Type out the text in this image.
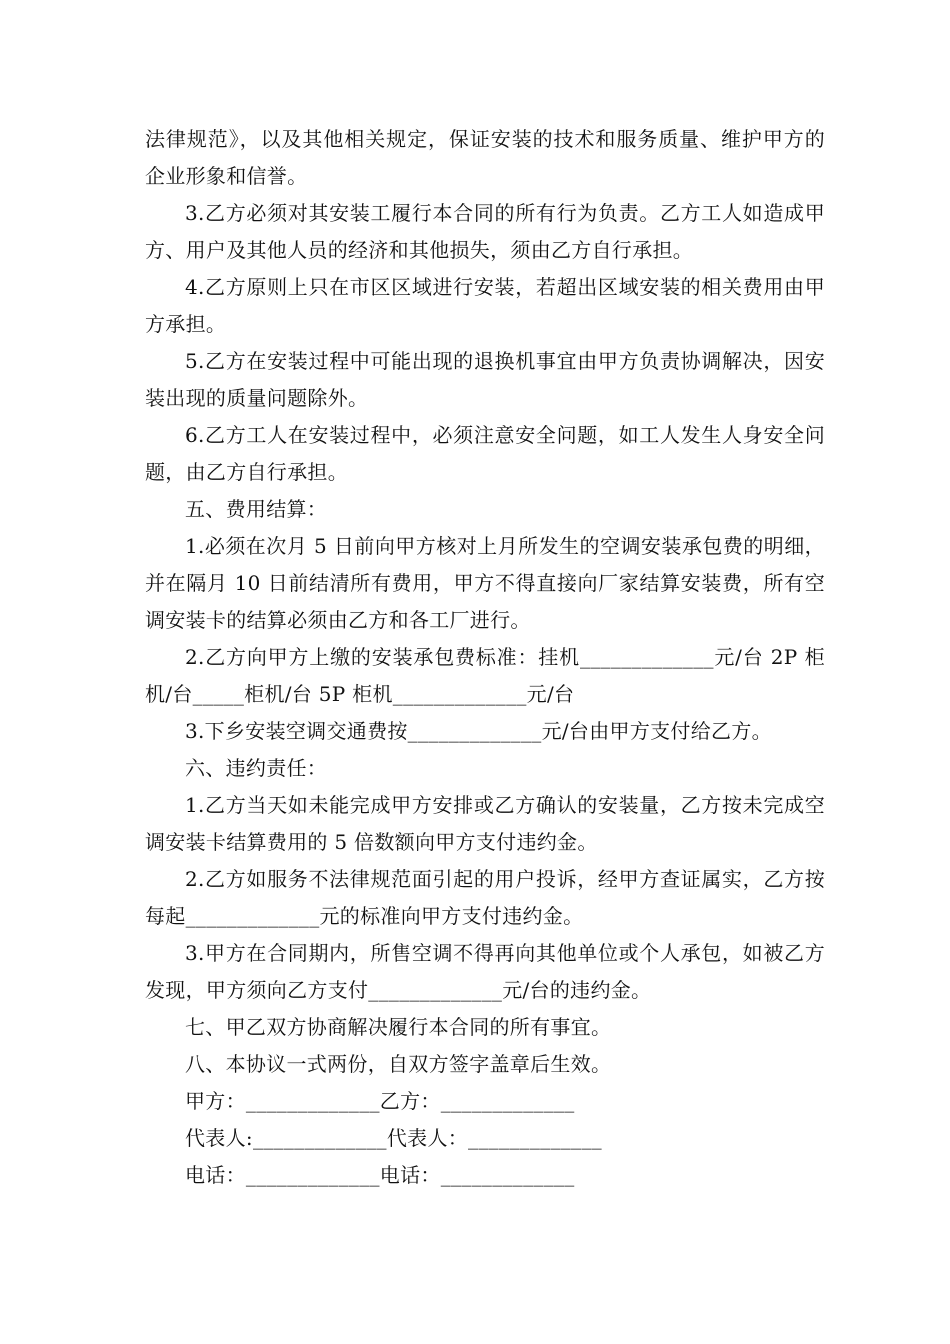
法律规范》，以及其他相关规定，保证安装的技术和服务质量、维护甲方的企业形象和信誉。

3.乙方必须对其安装工履行本合同的所有行为负责。乙方工人如造成甲方、用户及其他人员的经济和其他损失，须由乙方自行承担。

4.乙方原则上只在市区区域进行安装，若超出区域安装的相关费用由甲方承担。

5.乙方在安装过程中可能出现的退换机事宜由甲方负责协调解决，因安装出现的质量问题除外。

6.乙方工人在安装过程中，必须注意安全问题，如工人发生人身安全问题，由乙方自行承担。

五、费用结算：

1.必须在次月 5 日前向甲方核对上月所发生的空调安装承包费的明细，并在隔月 10 日前结清所有费用，甲方不得直接向厂家结算安装费，所有空调安装卡的结算必须由乙方和各工厂进行。

2.乙方向甲方上缴的安装承包费标准：挂机_____________元/台 2P 柜机/台_____柜机/台 5P 柜机_____________元/台

3.下乡安装空调交通费按_____________元/台由甲方支付给乙方。

六、违约责任：

1.乙方当天如未能完成甲方安排或乙方确认的安装量，乙方按未完成空调安装卡结算费用的 5 倍数额向甲方支付违约金。

2.乙方如服务不法律规范面引起的用户投诉，经甲方查证属实，乙方按每起_____________元的标准向甲方支付违约金。

3.甲方在合同期内，所售空调不得再向其他单位或个人承包，如被乙方发现，甲方须向乙方支付_____________元/台的违约金。

七、甲乙双方协商解决履行本合同的所有事宜。

八、本协议一式两份，自双方签字盖章后生效。

甲方：_____________乙方：_____________

代表人:_____________代表人：_____________

电话：_____________电话：_____________
